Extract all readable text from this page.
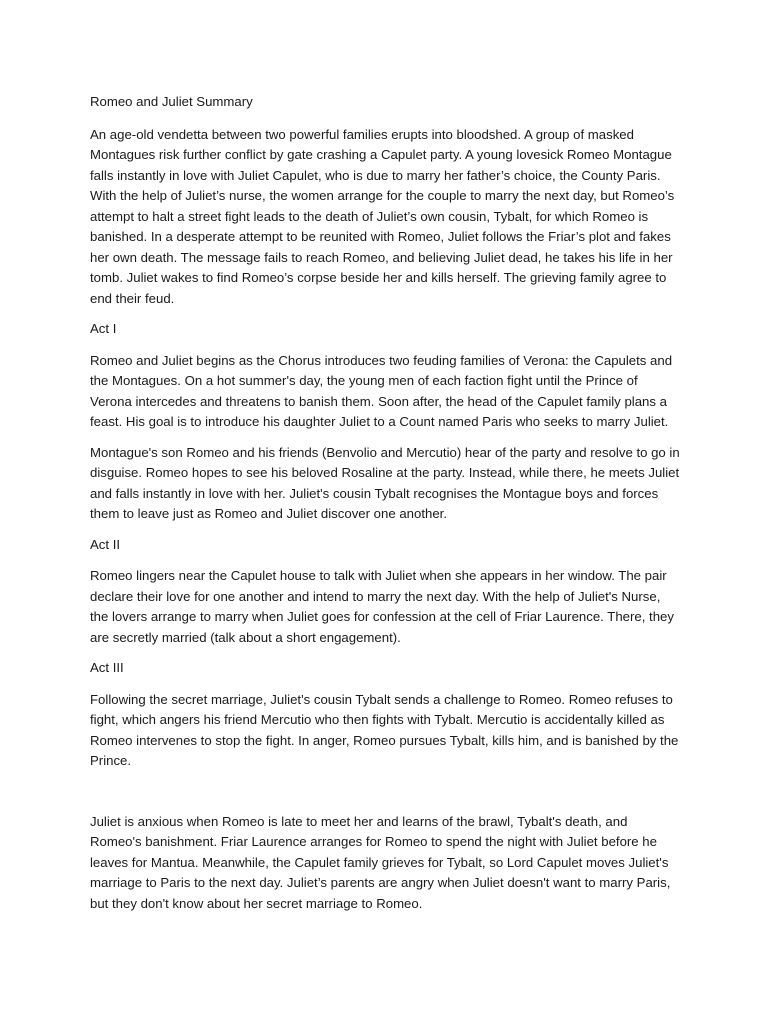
Romeo and Juliet Summary

An age-old vendetta between two powerful families erupts into bloodshed. A group of masked Montagues risk further conflict by gate crashing a Capulet party. A young lovesick Romeo Montague falls instantly in love with Juliet Capulet, who is due to marry her father’s choice, the County Paris. With the help of Juliet’s nurse, the women arrange for the couple to marry the next day, but Romeo’s attempt to halt a street fight leads to the death of Juliet’s own cousin, Tybalt, for which Romeo is banished. In a desperate attempt to be reunited with Romeo, Juliet follows the Friar’s plot and fakes her own death. The message fails to reach Romeo, and believing Juliet dead, he takes his life in her tomb. Juliet wakes to find Romeo’s corpse beside her and kills herself. The grieving family agree to end their feud.

Act I

Romeo and Juliet begins as the Chorus introduces two feuding families of Verona: the Capulets and the Montagues. On a hot summer's day, the young men of each faction fight until the Prince of Verona intercedes and threatens to banish them. Soon after, the head of the Capulet family plans a feast. His goal is to introduce his daughter Juliet to a Count named Paris who seeks to marry Juliet.

Montague's son Romeo and his friends (Benvolio and Mercutio) hear of the party and resolve to go in disguise. Romeo hopes to see his beloved Rosaline at the party. Instead, while there, he meets Juliet and falls instantly in love with her. Juliet's cousin Tybalt recognises the Montague boys and forces them to leave just as Romeo and Juliet discover one another.

Act II

Romeo lingers near the Capulet house to talk with Juliet when she appears in her window. The pair declare their love for one another and intend to marry the next day. With the help of Juliet's Nurse, the lovers arrange to marry when Juliet goes for confession at the cell of Friar Laurence. There, they are secretly married (talk about a short engagement).

Act III

Following the secret marriage, Juliet's cousin Tybalt sends a challenge to Romeo. Romeo refuses to fight, which angers his friend Mercutio who then fights with Tybalt. Mercutio is accidentally killed as Romeo intervenes to stop the fight. In anger, Romeo pursues Tybalt, kills him, and is banished by the Prince.

Juliet is anxious when Romeo is late to meet her and learns of the brawl, Tybalt's death, and Romeo's banishment. Friar Laurence arranges for Romeo to spend the night with Juliet before he leaves for Mantua. Meanwhile, the Capulet family grieves for Tybalt, so Lord Capulet moves Juliet's marriage to Paris to the next day. Juliet’s parents are angry when Juliet doesn't want to marry Paris, but they don't know about her secret marriage to Romeo.
